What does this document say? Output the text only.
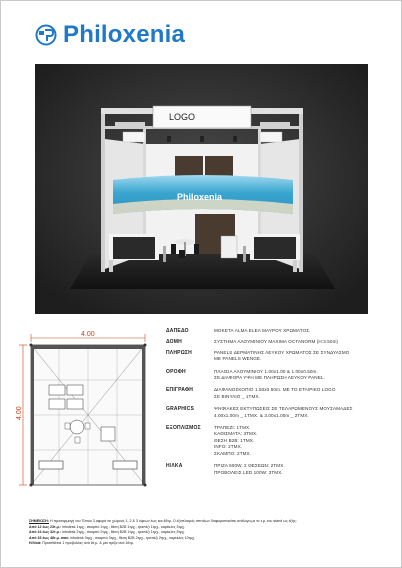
Philoxenia
LOGO
Philoxenia
4.00
4.00
ΔΑΠΕΔΟ	ΜΟΚΕΤΑ ALMA ELEA ΜΑΥΡΟΥ ΧΡΩΜΑΤΟΣ.
ΔΟΜΗ	ΣΥΣΤΗΜΑ ΑΛΟΥΜΙΝΙΟΥ MAXIMA OCTANORM (H:3.50m)
ΠΛΗΡΩΣΗ	PANELS ΔΕΡΜΑΤΙΝΗΣ ΛΕΥΚΟΥ ΧΡΩΜΑΤΟΣ ΣΕ ΣΥΝΔΥΑΣΜΟ
ΜΕ PANELS WENGE.
ΟΡΟΦΗ	ΠΛΑΙΣΙΑ ΑΛΟΥΜΙΝΙΟΥ 1.00x1.00 & 1.00x0.50m.
ΣΕ ΔΙΑΦΟΡΑ ΥΨΗ ΜΕ ΠΛΗΡΩΣΗ ΛΕΥΚΟΥ PANEL.
ΕΠΙΓΡΑΦΗ	ΔΙΑΦΑΝΟΣΚΟΠΙΟ 1.50x0.50m. ΜΕ ΤΟ ΕΤΑΙΡΙΚΟ LOGO
ΣΕ ΒΙΝΥΛΙΟ _ 1ΤΜΧ.
GRAPHICS	ΨΗΦΙΑΚΕΣ ΕΚΤΥΠΩΣΕΙΣ ΣΕ ΤΕΛΑΡΩΜΕΝΟΥΣ ΜΟΥΣΑΜΑΔΕΣ
4.00x1.00m _ 1ΤΜΧ. & 3.00x1.00m _ 2ΤΜΧ.
ΕΞΟΠΛΙΣΜΟΣ	ΤΡΑΠΕΖΙ: 1ΤΜΧ.
ΚΑΘΙΣΜΑΤΑ: 3ΤΜΧ.
ΘΕΣΗ B2B: 1ΤΜΧ.
INFO: 2ΤΜΧ.
ΣΚΑΜΠΟ: 2ΤΜΧ.
Η/ΛΚΑ	ΠΡΙΖΑ 500W, 2 ΘΕΣΕΩΝ: 2ΤΜΧ.
ΠΡΟΒΟΛΕΙΣ LED 100W: 3ΤΜΧ.
ΣΗΜΕΙΩΣΗ: Η προσαρμογή του Τύπου 3 αφορά σε χώρους 1, 2 & 3 όψεων έως και 48τμ. Ο εξοπλισμός σπιτιλων διαφοροποιείται ανάλογα με το τ.μ. του stand ως εξής:
Από 12 έως 23τ.μ.: infodesk 1τμχ., σκαμπό 1τμχ., θέση B2B 1τμχ., τραπέζι 1τμχ., καρέκλες 3τμχ.
Από 24 έως 32τ.μ.: infodesk 2τμχ., σκαμπό 2τμχ., θέση B2B 1τμχ., τραπέζι 1τμχ., καρέκλες 5τμχ.
Από 33 έως 48τ.μ. max: infodesk 3τμχ., σκαμπό 3τμχ., θέση B2B 2τμχ., τραπέζι 2τμχ., καρέκλες 10τμχ.
Η/Λ/κά: Προστίθεται 1 προβολέας ανά 8τ.μ. & μία πρίζα ανά 16τμ.
